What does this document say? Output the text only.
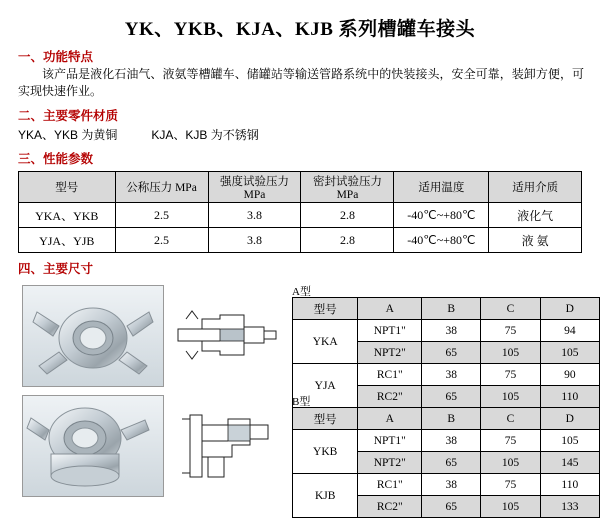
YK、YKB、KJA、KJB 系列槽罐车接头
一、功能特点
该产品是液化石油气、液氨等槽罐车、储罐站等输送管路系统中的快装接头，安全可靠，装卸方便，可实现快速作业。
二、主要零件材质
YKA、YKB 为黄铜	KJA、KJB 为不锈钢
三、性能参数
型号	公称压力 MPa	强度试验压力 MPa	密封试验压力 MPa	适用温度	适用介质
YKA、YKB	2.5	3.8	2.8	-40℃~+80℃	液化气
YJA、YJB	2.5	3.8	2.8	-40℃~+80℃	液 氨
四、主要尺寸
A型
型号	A	B	C	D
YKA	NPT1"	38	75	94
	NPT2"	65	105	105
YJA	RC1"	38	75	90
	RC2"	65	105	110
B型
型号	A	B	C	D
YKB	NPT1"	38	75	105
	NPT2"	65	105	145
KJB	RC1"	38	75	110
	RC2"	65	105	133
